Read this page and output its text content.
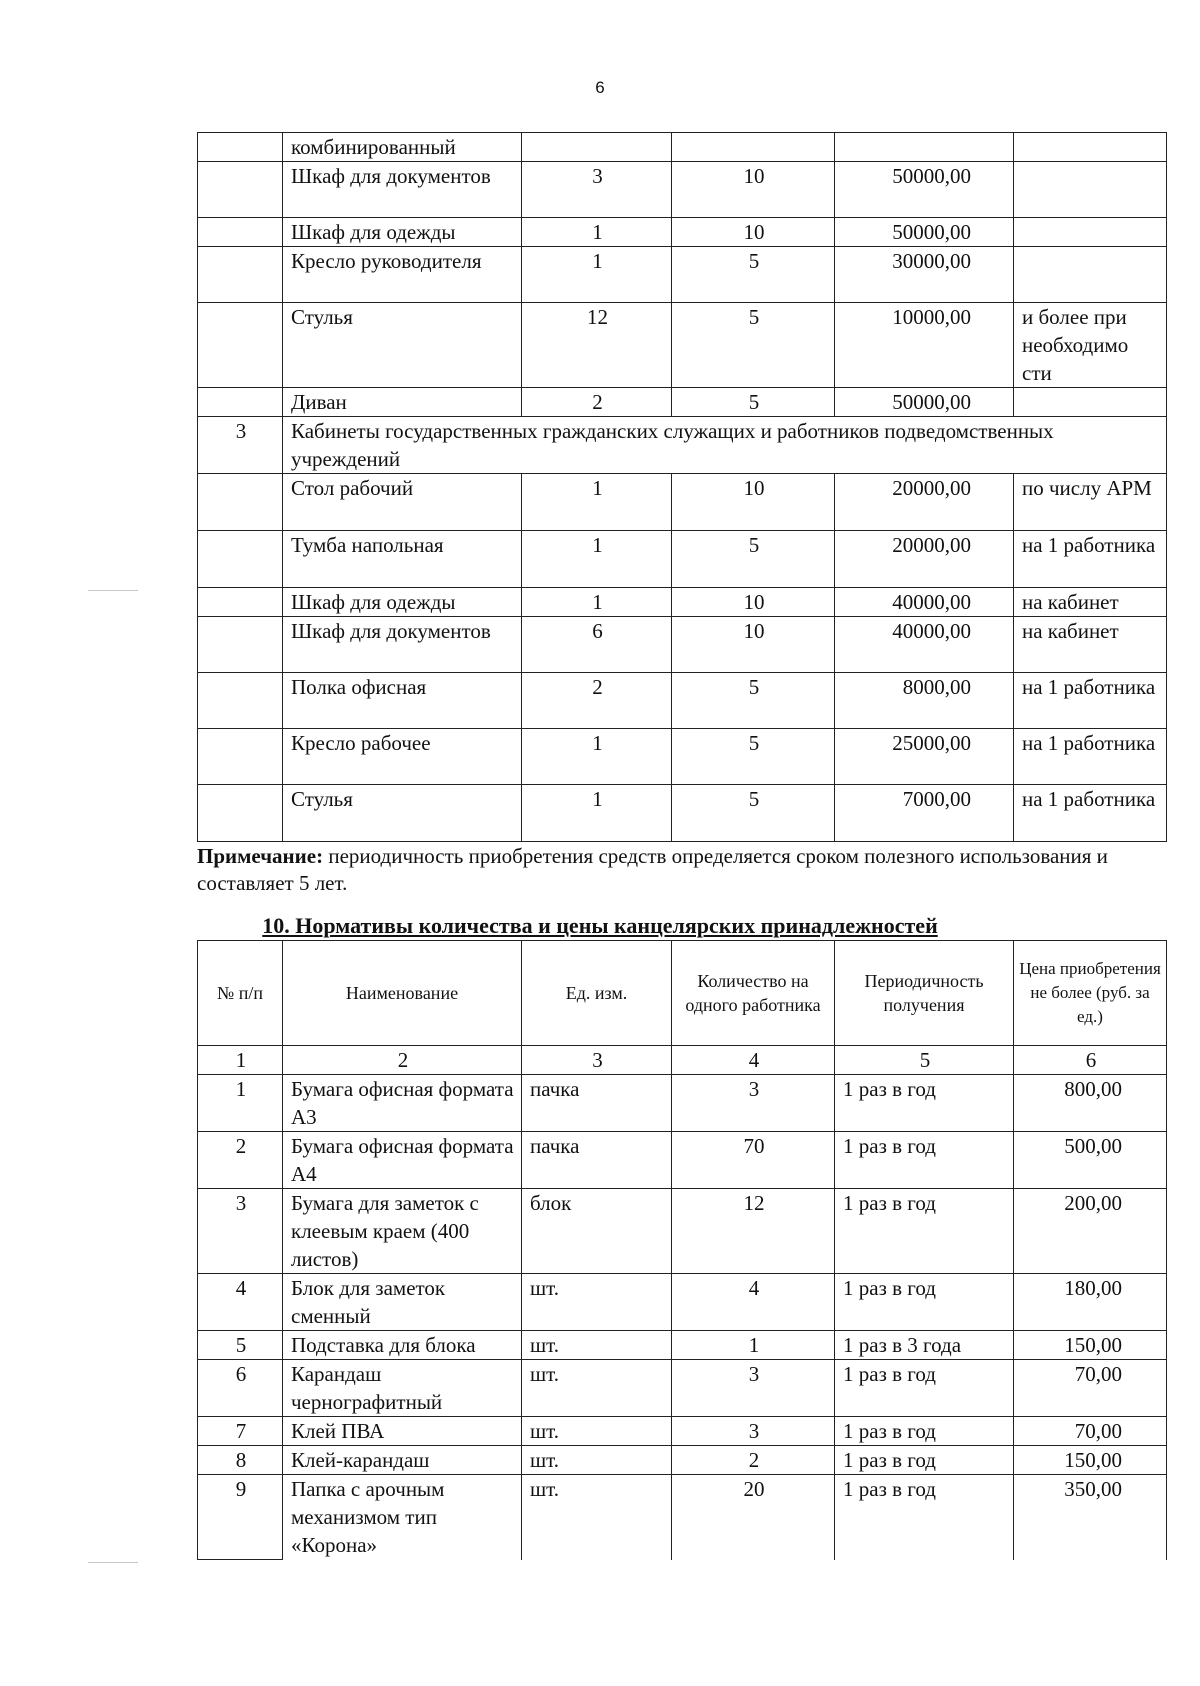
6
	комбинированный				
	Шкаф для документов	3	10	50000,00	
	Шкаф для одежды	1	10	50000,00	
	Кресло руководителя	1	5	30000,00	
	Стулья	12	5	10000,00	и более при необходимо сти
	Диван	2	5	50000,00	
3	Кабинеты государственных гражданских служащих и работников подведомственных учреждений				
	Стол рабочий	1	10	20000,00	по числу АРМ
	Тумба напольная	1	5	20000,00	на 1 работника
	Шкаф для одежды	1	10	40000,00	на кабинет
	Шкаф для документов	6	10	40000,00	на кабинет
	Полка офисная	2	5	8000,00	на 1 работника
	Кресло рабочее	1	5	25000,00	на 1 работника
	Стулья	1	5	7000,00	на 1 работника
Примечание: периодичность приобретения средств определяется сроком полезного использования и составляет 5 лет.
10. Нормативы количества и цены канцелярских принадлежностей
№ п/п	Наименование	Ед. изм.	Количество на одного работника	Периодичность получения	Цена приобретения не более (руб. за ед.)
1	2	3	4	5	6
1	Бумага офисная формата А3	пачка	3	1 раз в год	800,00
2	Бумага офисная формата А4	пачка	70	1 раз в год	500,00
3	Бумага для заметок с клеевым краем (400 листов)	блок	12	1 раз в год	200,00
4	Блок для заметок сменный	шт.	4	1 раз в год	180,00
5	Подставка для блока	шт.	1	1 раз в 3 года	150,00
6	Карандаш чернографитный	шт.	3	1 раз в год	70,00
7	Клей ПВА	шт.	3	1 раз в год	70,00
8	Клей-карандаш	шт.	2	1 раз в год	150,00
9	Папка с арочным механизмом тип «Корона»	шт.	20	1 раз в год	350,00
